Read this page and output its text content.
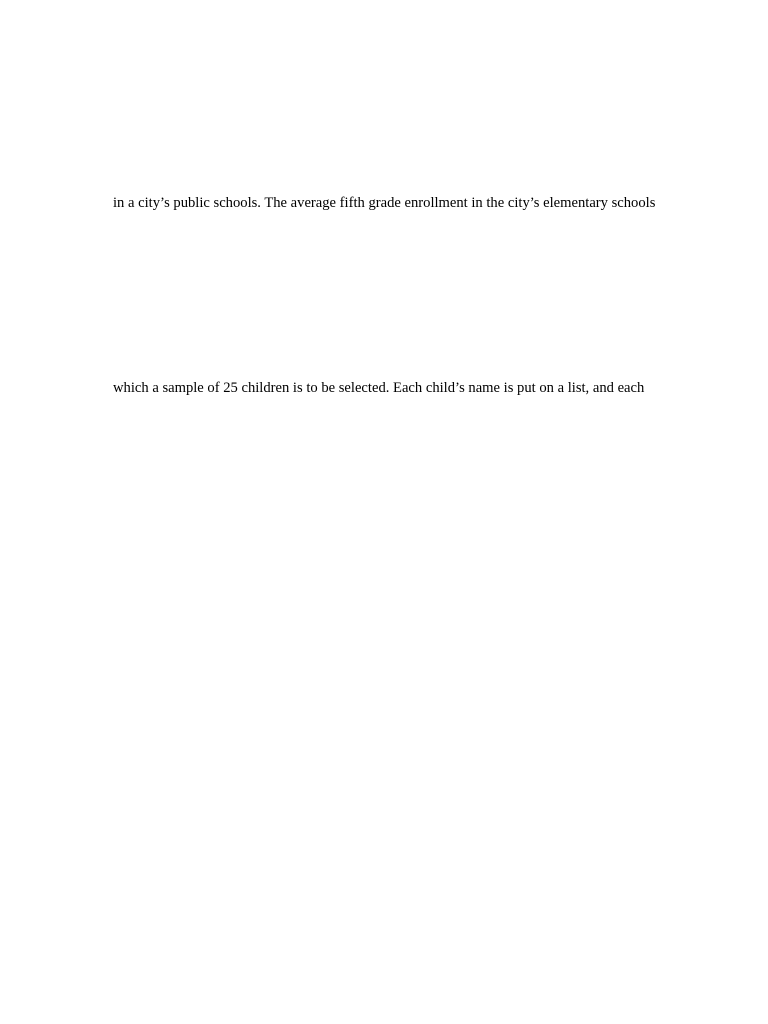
in a city’s public schools. The average fifth grade enrollment in the city’s elementary schools

which a sample of 25 children is to be selected. Each child’s name is put on a list, and each
